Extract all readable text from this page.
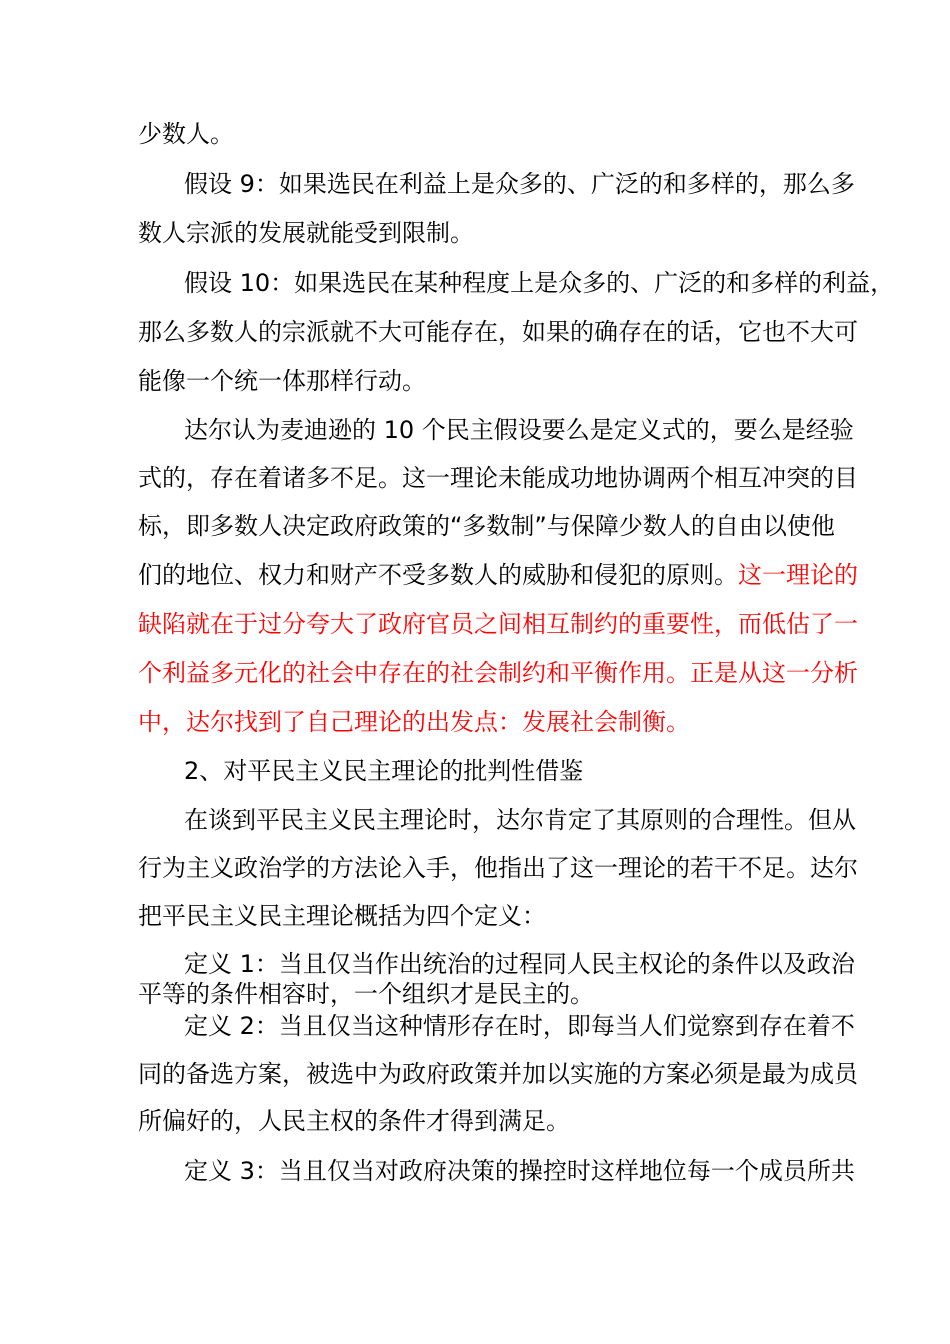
少数人。

假设 9：如果选民在利益上是众多的、广泛的和多样的，那么多

数人宗派的发展就能受到限制。

假设 10：如果选民在某种程度上是众多的、广泛的和多样的利益，

那么多数人的宗派就不大可能存在，如果的确存在的话，它也不大可

能像一个统一体那样行动。

达尔认为麦迪逊的 10 个民主假设要么是定义式的，要么是经验

式的，存在着诸多不足。这一理论未能成功地协调两个相互冲突的目

标，即多数人决定政府政策的“多数制”与保障少数人的自由以使他

们的地位、权力和财产不受多数人的威胁和侵犯的原则。这一理论的

缺陷就在于过分夸大了政府官员之间相互制约的重要性，而低估了一

个利益多元化的社会中存在的社会制约和平衡作用。正是从这一分析

中，达尔找到了自己理论的出发点：发展社会制衡。

2、对平民主义民主理论的批判性借鉴

在谈到平民主义民主理论时，达尔肯定了其原则的合理性。但从

行为主义政治学的方法论入手，他指出了这一理论的若干不足。达尔

把平民主义民主理论概括为四个定义：

定义 1：当且仅当作出统治的过程同人民主权论的条件以及政治

平等的条件相容时，一个组织才是民主的。

定义 2：当且仅当这种情形存在时，即每当人们觉察到存在着不

同的备选方案，被选中为政府政策并加以实施的方案必须是最为成员

所偏好的，人民主权的条件才得到满足。

定义 3：当且仅当对政府决策的操控时这样地位每一个成员所共
